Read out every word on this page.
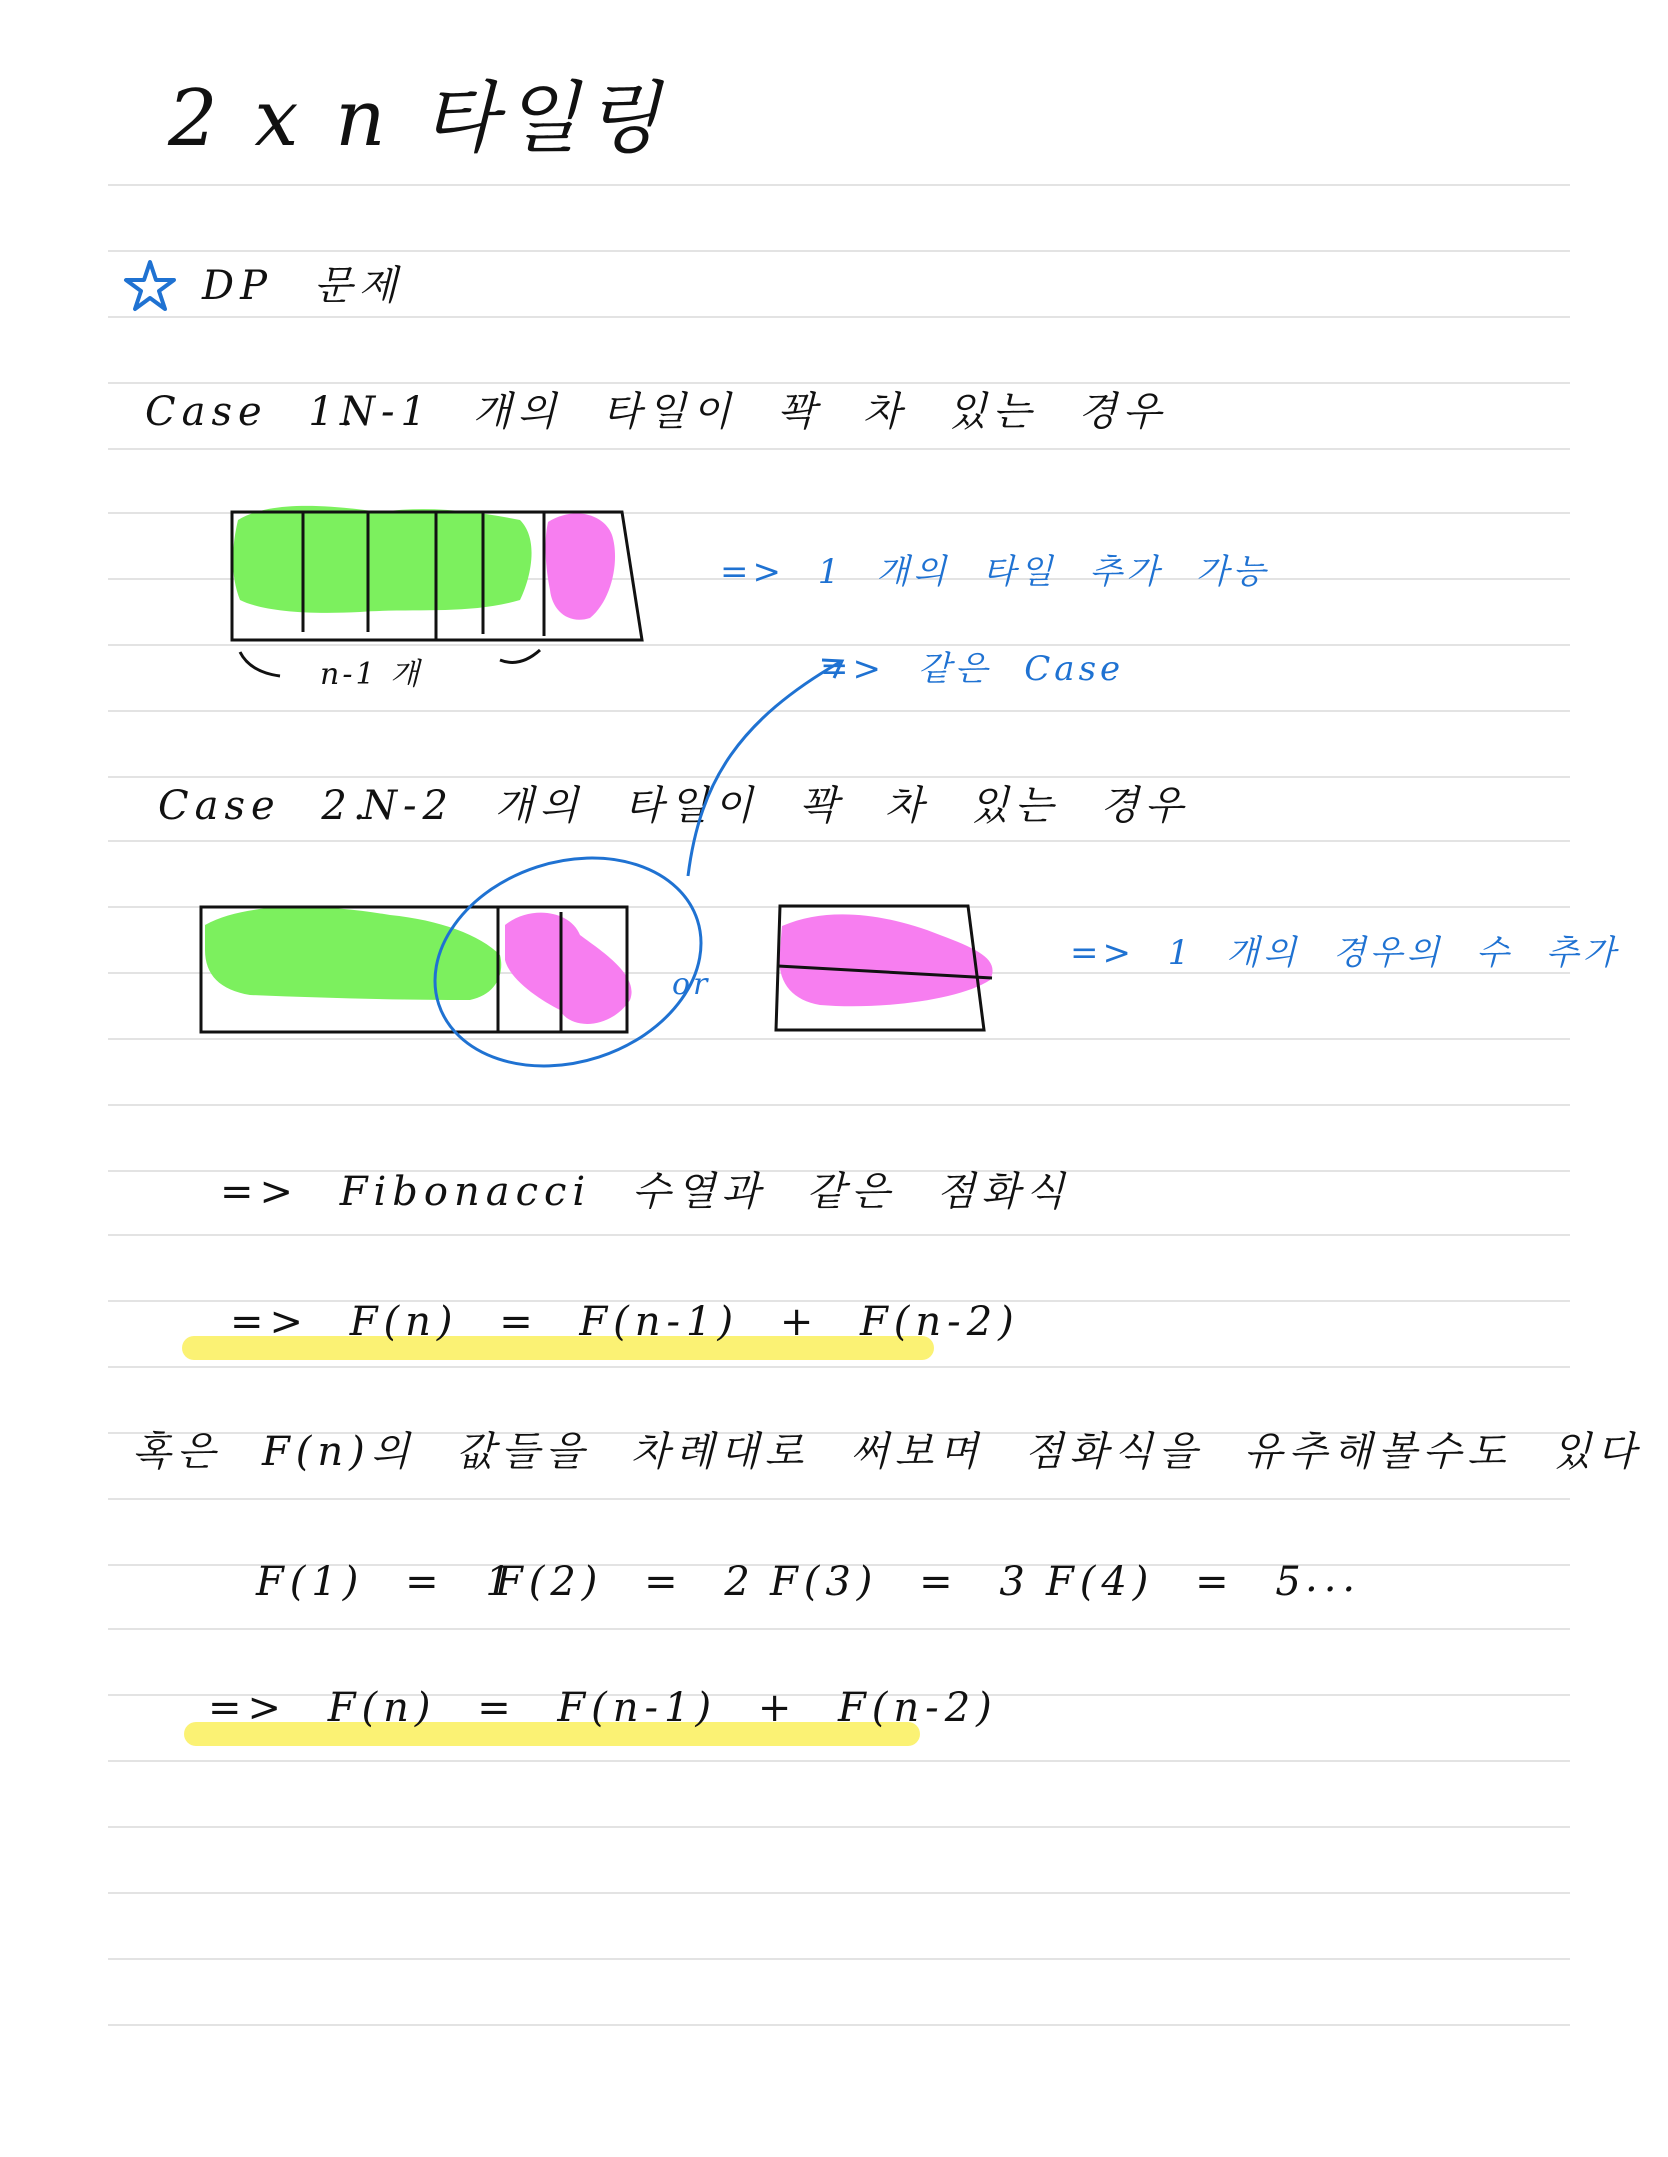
2 x n 타일링
DP 문제
Case 1.
N-1 개의 타일이 꽉 차 있는 경우
Case 2.
N-2 개의 타일이 꽉 차 있는 경우
n-1 개
=> 1 개의 타일 추가 가능
=> 같은 Case
or
=> 1 개의 경우의 수 추가
=> Fibonacci 수열과 같은 점화식
=> F(n) = F(n-1) + F(n-2)
혹은 F(n)의 값들을 차례대로 써보며 점화식을 유추해볼수도 있다
F(1) = 1
F(2) = 2 F(3) = 3 F(4) = 5
...
=> F(n) = F(n-1) + F(n-2)
